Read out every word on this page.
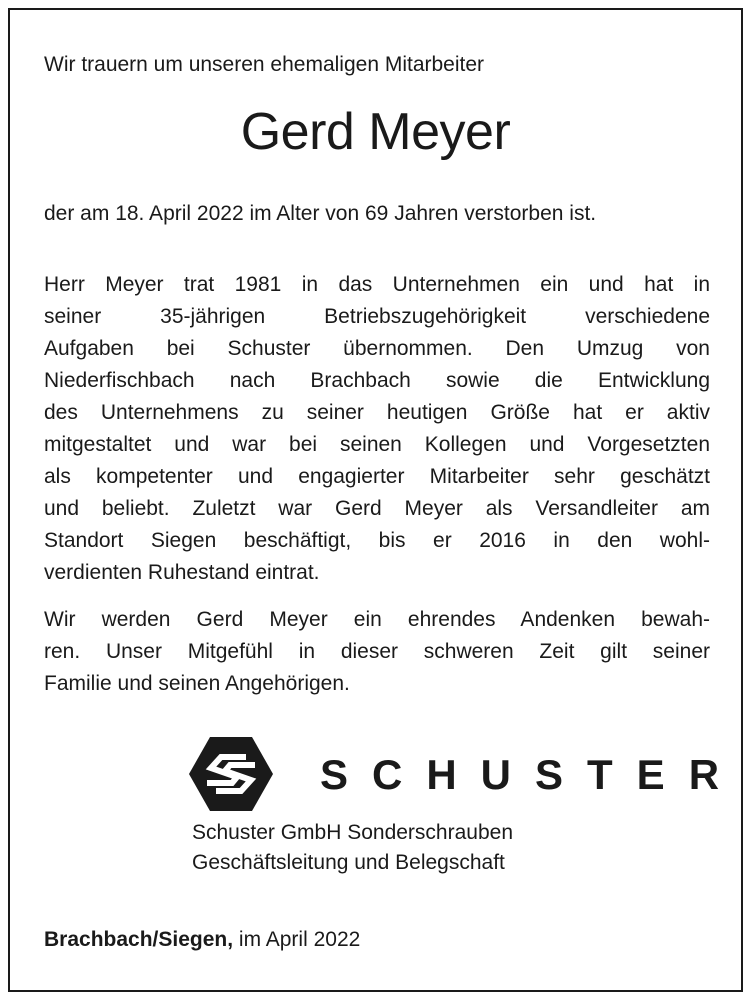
Wir trauern um unseren ehemaligen Mitarbeiter
Gerd Meyer
der am 18. April 2022 im Alter von 69 Jahren verstorben ist.
Herr Meyer trat 1981 in das Unternehmen ein und hat in
seiner 35-jährigen Betriebszugehörigkeit verschiedene
Aufgaben bei Schuster übernommen. Den Umzug von
Niederfischbach nach Brachbach sowie die Entwicklung
des Unternehmens zu seiner heutigen Größe hat er aktiv
mitgestaltet und war bei seinen Kollegen und Vorgesetzten
als kompetenter und engagierter Mitarbeiter sehr geschätzt
und beliebt. Zuletzt war Gerd Meyer als Versandleiter am
Standort Siegen beschäftigt, bis er 2016 in den wohl-
verdienten Ruhestand eintrat.
Wir werden Gerd Meyer ein ehrendes Andenken bewah-
ren. Unser Mitgefühl in dieser schweren Zeit gilt seiner
Familie und seinen Angehörigen.
SCHUSTER
Schuster GmbH Sonderschrauben
Geschäftsleitung und Belegschaft
Brachbach/Siegen, im April 2022
